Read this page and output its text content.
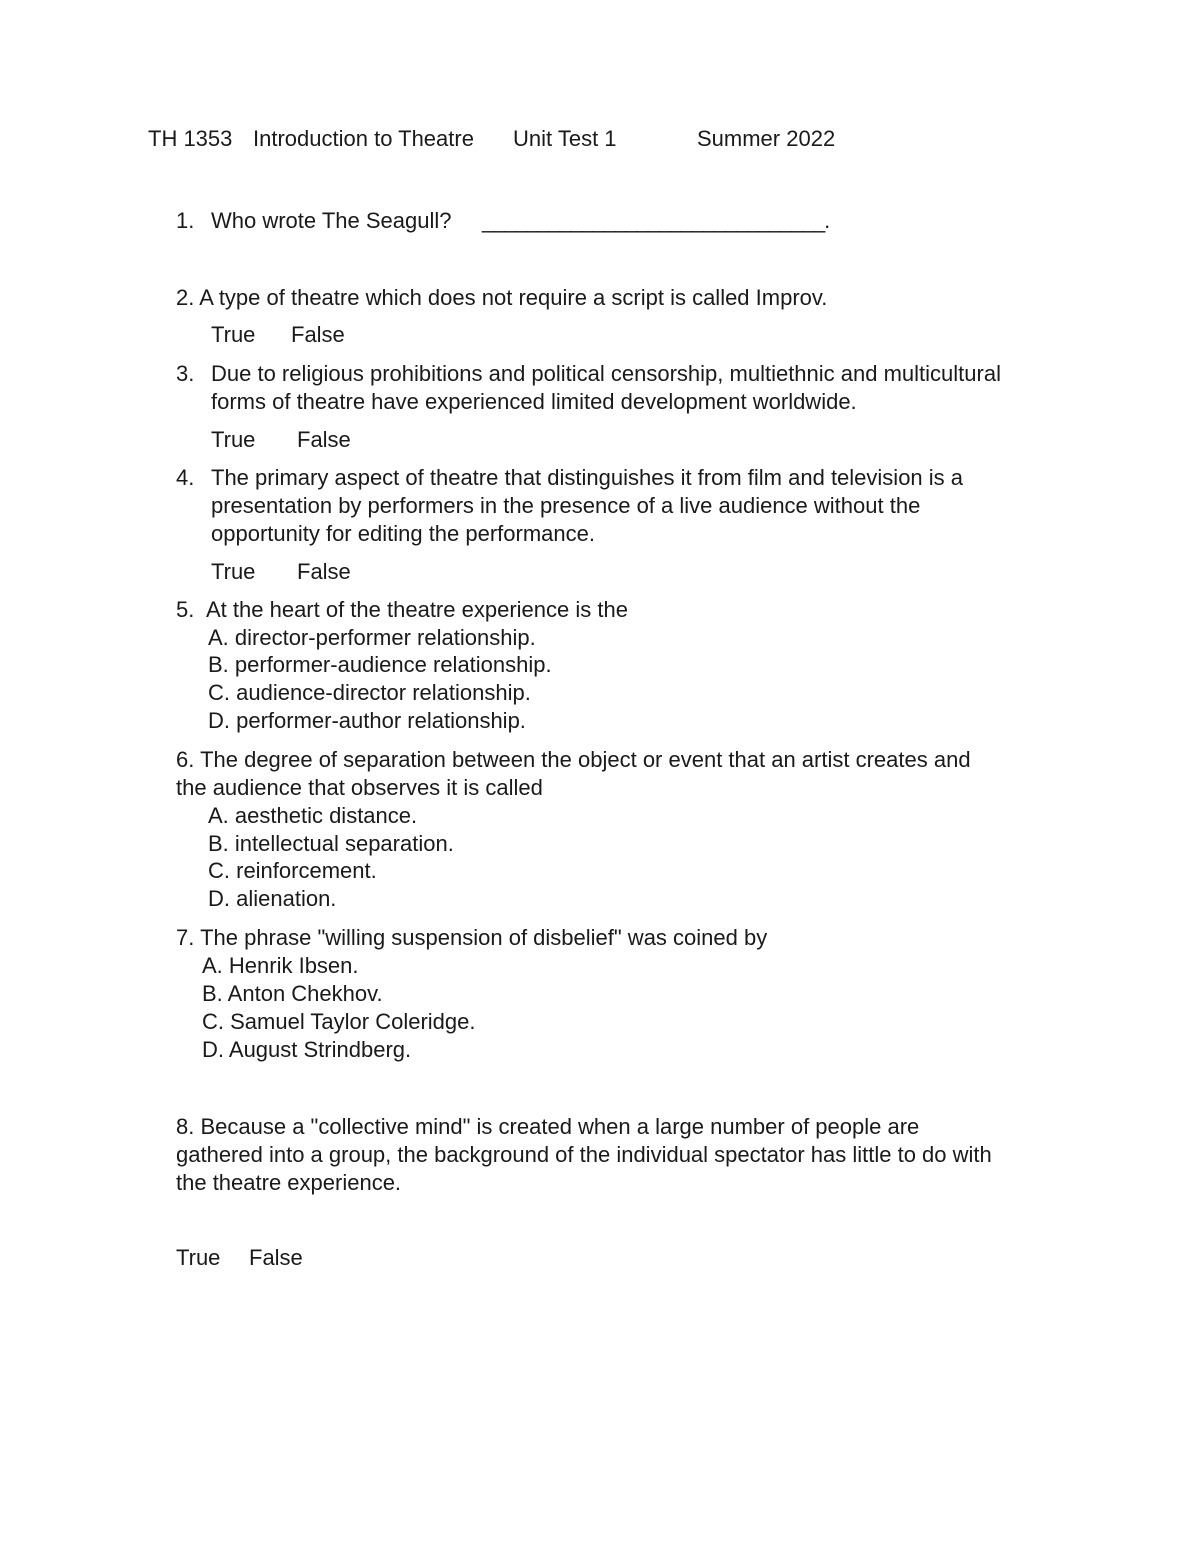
TH 1353 Introduction to Theatre Unit Test 1	Summer 2022
1. Who wrote The Seagull? _______________________________.
2. A type of theatre which does not require a script is called Improv.
True False
3. Due to religious prohibitions and political censorship, multiethnic and multicultural
forms of theatre have experienced limited development worldwide.
True False
4. The primary aspect of theatre that distinguishes it from film and television is a
presentation by performers in the presence of a live audience without the
opportunity for editing the performance.
True False
5. At the heart of the theatre experience is the
A. director-performer relationship.
B. performer-audience relationship.
C. audience-director relationship.
D. performer-author relationship.
6. The degree of separation between the object or event that an artist creates and
the audience that observes it is called
A. aesthetic distance.
B. intellectual separation.
C. reinforcement.
D. alienation.
7. The phrase "willing suspension of disbelief" was coined by
A. Henrik Ibsen.
B. Anton Chekhov.
C. Samuel Taylor Coleridge.
D. August Strindberg.
8. Because a "collective mind" is created when a large number of people are
gathered into a group, the background of the individual spectator has little to do with
the theatre experience.
True False
